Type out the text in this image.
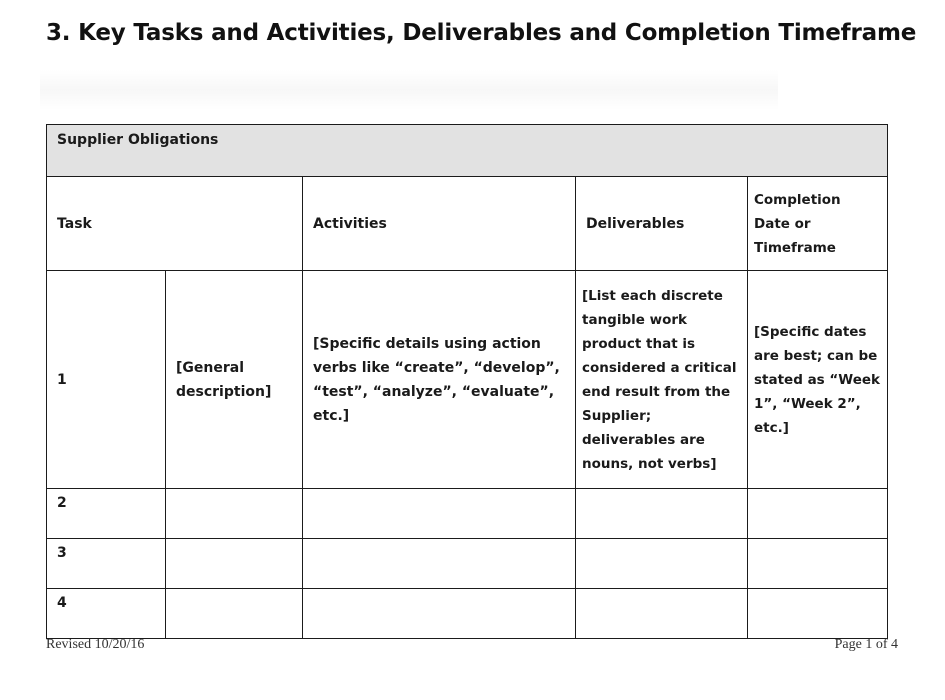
3. Key Tasks and Activities, Deliverables and Completion Timeframe
Supplier Obligations				
Task		Activities	Deliverables	Completion Date or Timeframe
1	[General description]	[Specific details using action verbs like “create”, “develop”, “test”, “analyze”, “evaluate”, etc.]	[List each discrete tangible work product that is considered a critical end result from the Supplier; deliverables are nouns, not verbs]	[Specific dates are best; can be stated as “Week 1”, “Week 2”, etc.]
2				
3				
4				
Revised 10/20/16	Page 1 of 4
